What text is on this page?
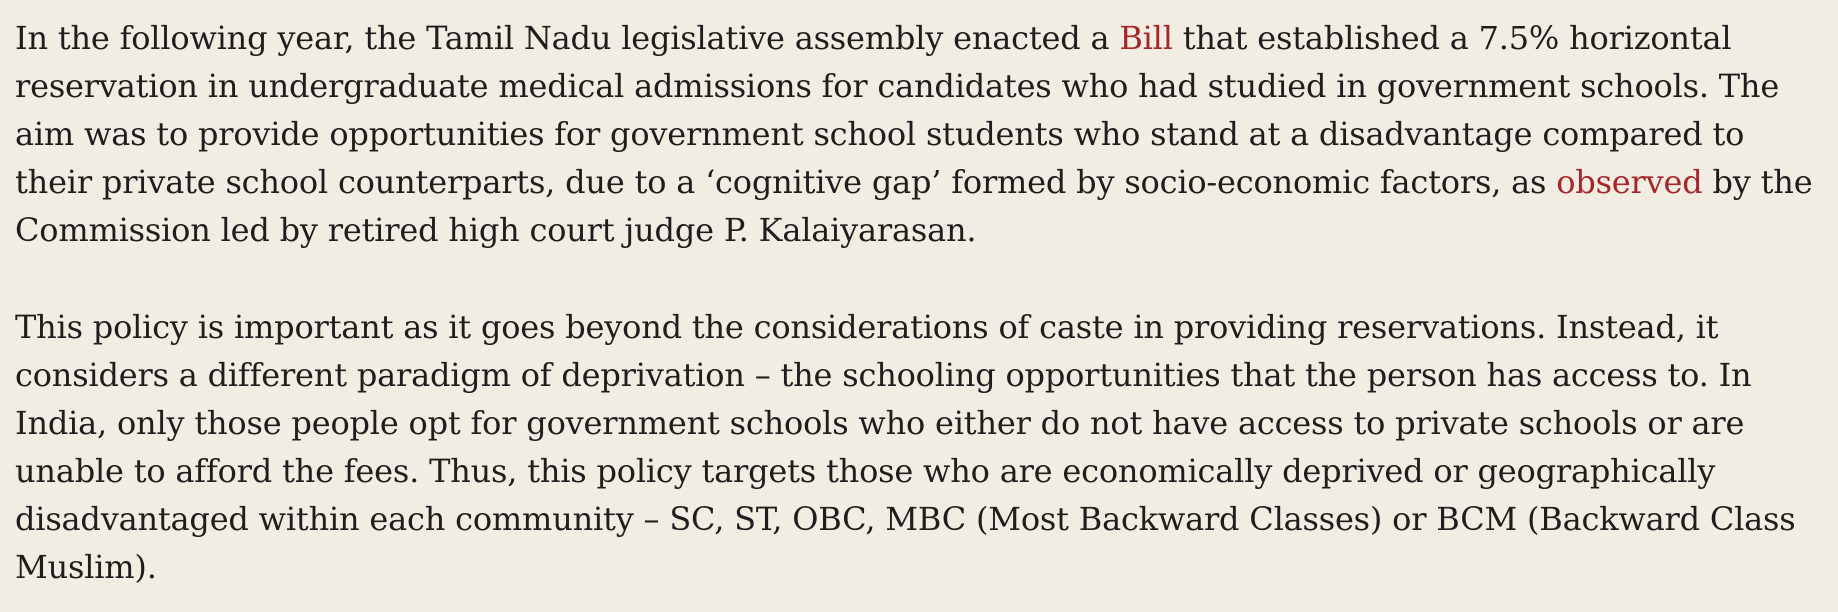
In the following year, the Tamil Nadu legislative assembly enacted a Bill that established a 7.5% horizontal reservation in undergraduate medical admissions for candidates who had studied in government schools. The aim was to provide opportunities for government school students who stand at a disadvantage compared to their private school counterparts, due to a ‘cognitive gap’ formed by socio-economic factors, as observed by the Commission led by retired high court judge P. Kalaiyarasan.

This policy is important as it goes beyond the considerations of caste in providing reservations. Instead, it considers a different paradigm of deprivation – the schooling opportunities that the person has access to. In India, only those people opt for government schools who either do not have access to private schools or are unable to afford the fees. Thus, this policy targets those who are economically deprived or geographically disadvantaged within each community – SC, ST, OBC, MBC (Most Backward Classes) or BCM (Backward Class Muslim).
